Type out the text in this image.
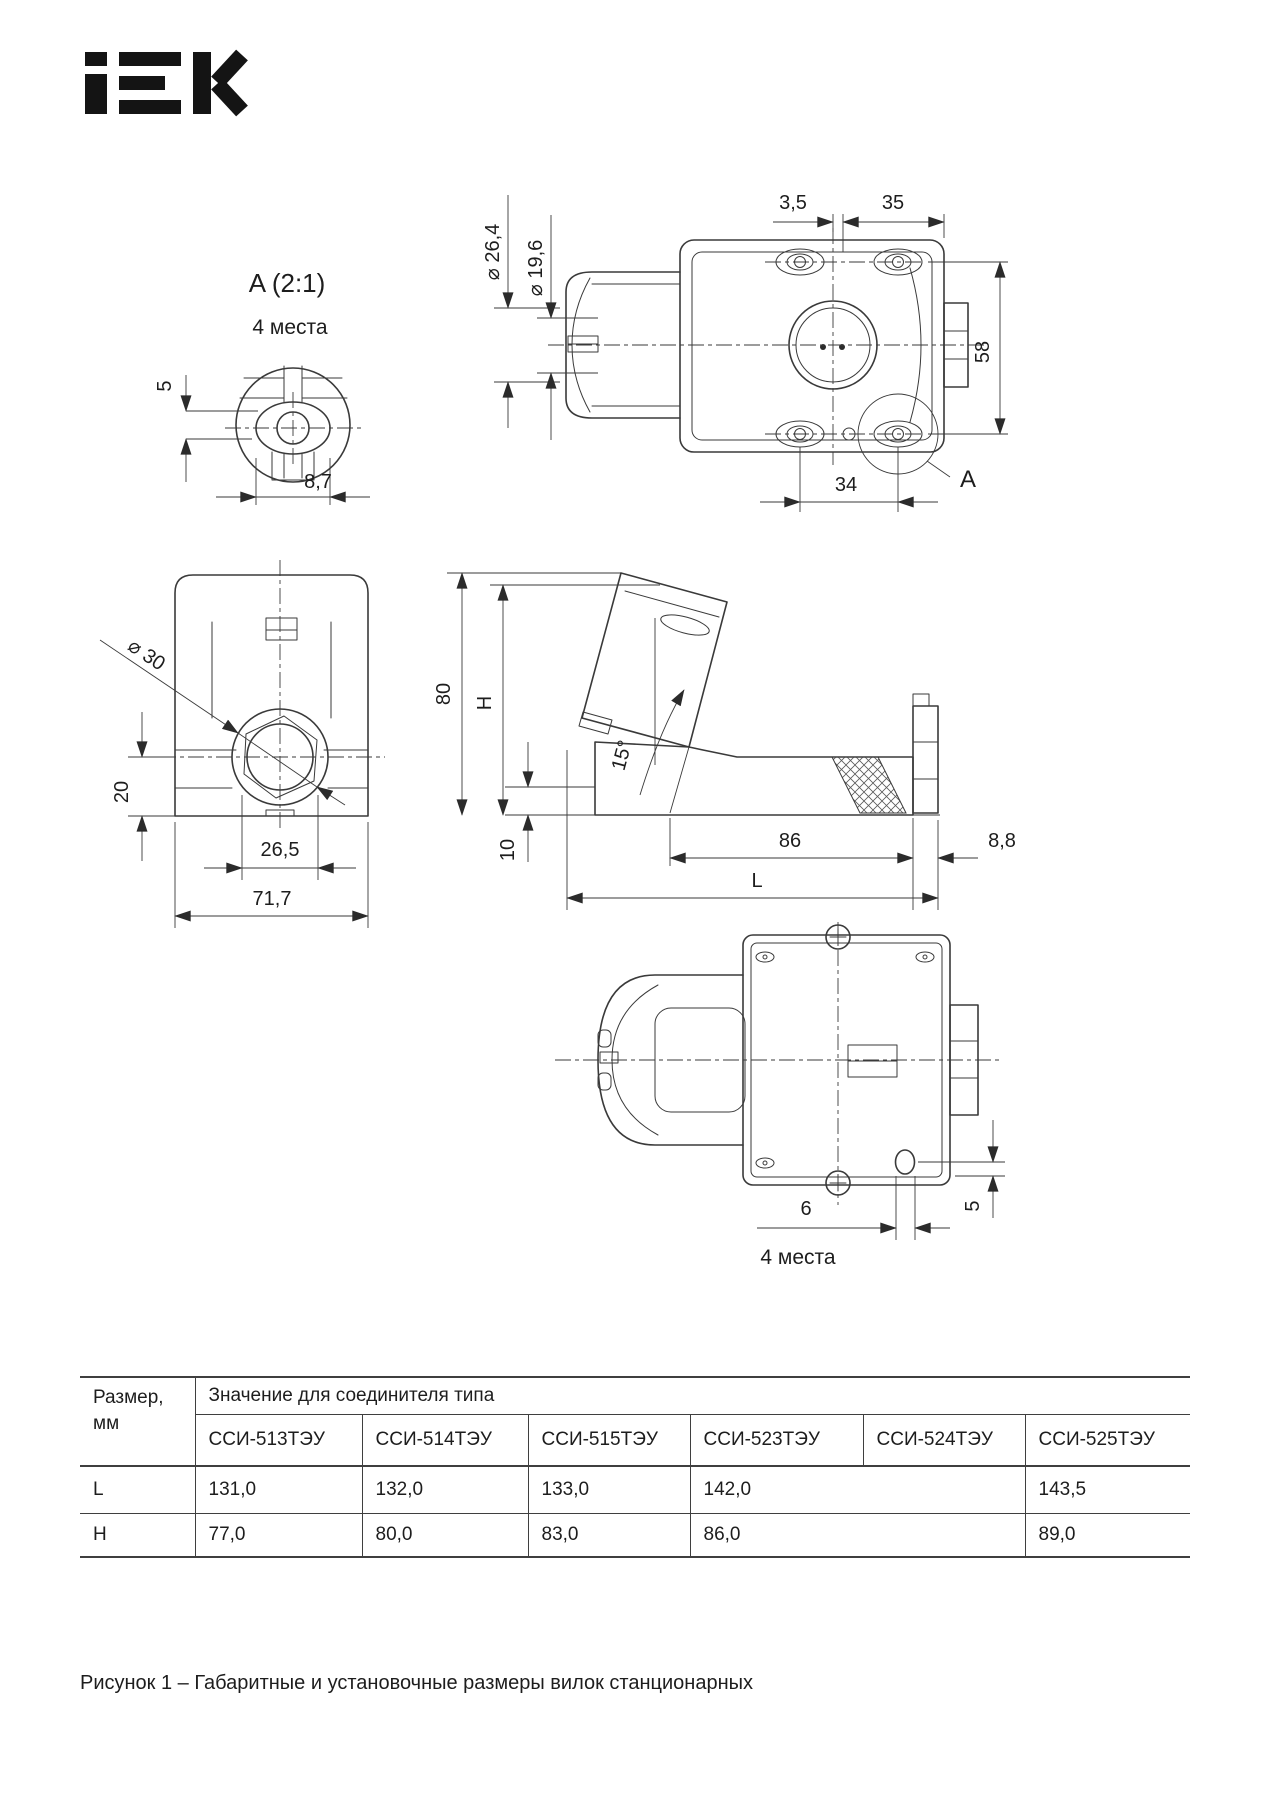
A (2:1)
4 места
5
8,7	A
3,5	35
⌀ 26,4 ⌀ 19,6
58
34
⌀ 30
20
26,5
71,7
15°
80 H
10	86	8,8
L
6
4 места
5
Размер,
мм	Значение для соединителя типа					
	ССИ-513ТЭУ	ССИ-514ТЭУ	ССИ-515ТЭУ	ССИ-523ТЭУ	ССИ-524ТЭУ	ССИ-525ТЭУ
L	131,0	132,0	133,0	142,0		143,5
H	77,0	80,0	83,0	86,0		89,0

Рисунок 1 – Габаритные и установочные размеры вилок станционарных
